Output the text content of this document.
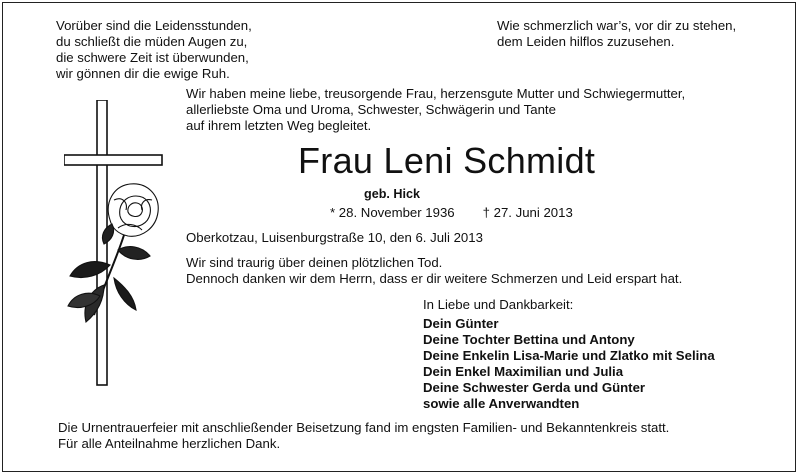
Vorüber sind die Leidensstunden,
du schließt die müden Augen zu,
die schwere Zeit ist überwunden,
wir gönnen dir die ewige Ruh.
Wie schmerzlich war’s, vor dir zu stehen,
dem Leiden hilflos zuzusehen.
Wir haben meine liebe, treusorgende Frau, herzensgute Mutter und Schwiegermutter,
allerliebste Oma und Uroma, Schwester, Schwägerin und Tante
auf ihrem letzten Weg begleitet.
Frau Leni Schmidt
geb. Hick
* 28. November 1936 † 27. Juni 2013
Oberkotzau, Luisenburgstraße 10, den 6. Juli 2013
Wir sind traurig über deinen plötzlichen Tod.
Dennoch danken wir dem Herrn, dass er dir weitere Schmerzen und Leid erspart hat.
In Liebe und Dankbarkeit:
Dein Günter
Deine Tochter Bettina und Antony
Deine Enkelin Lisa-Marie und Zlatko mit Selina
Dein Enkel Maximilian und Julia
Deine Schwester Gerda und Günter
sowie alle Anverwandten
Die Urnentrauerfeier mit anschließender Beisetzung fand im engsten Familien- und Bekanntenkreis statt.
Für alle Anteilnahme herzlichen Dank.
